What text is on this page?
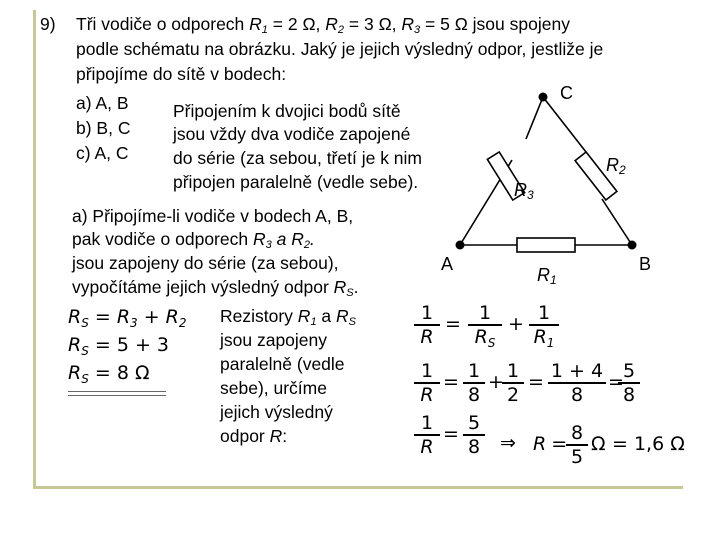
9) Tři vodiče o odporech $R_1 = 2$ Ω, $R_2 = 3$ Ω, $R_3 = 5$ Ω jsou spojeny
podle schématu na obrázku. Jaký je jejich výsledný odpor, jestliže je
připojíme do sítě v bodech:
a) A, B
b) B, C
c) A, C
Připojením k dvojici bodů sítě
jsou vždy dva vodiče zapojené
do série (za sebou, třetí je k nim
připojen paralelně (vedle sebe).
a) Připojíme-li vodiče v bodech A, B,
pak vodiče o odporech $R_3$ a $R_2$.
jsou zapojeny do série (za sebou),
vypočítáme jejich výsledný odpor $R_S$.
Rezistory $R_1$ a $R_S$
jsou zapojeny
paralelně (vedle
sebe), určíme
jejich výsledný
odpor R:
A	B
C
$R_3$
$R_2$
$R_1$
$R_S = R_3 + R_2$
$R_S = 5 + 3$
$R_S = 8$ Ω
$\frac{1}{R} = \frac{1}{R_S} + \frac{1}{R_1}$
$\frac{1}{R} = \frac{1}{8}$ +
$\frac{1}{2} = \frac{1 + 4}{8}$ =
$\frac{5}{8}$
$\frac{1}{R} = \frac{5}{8}$ ⇒ R =
$\frac{8}{5}$ Ω = 1,6 Ω
